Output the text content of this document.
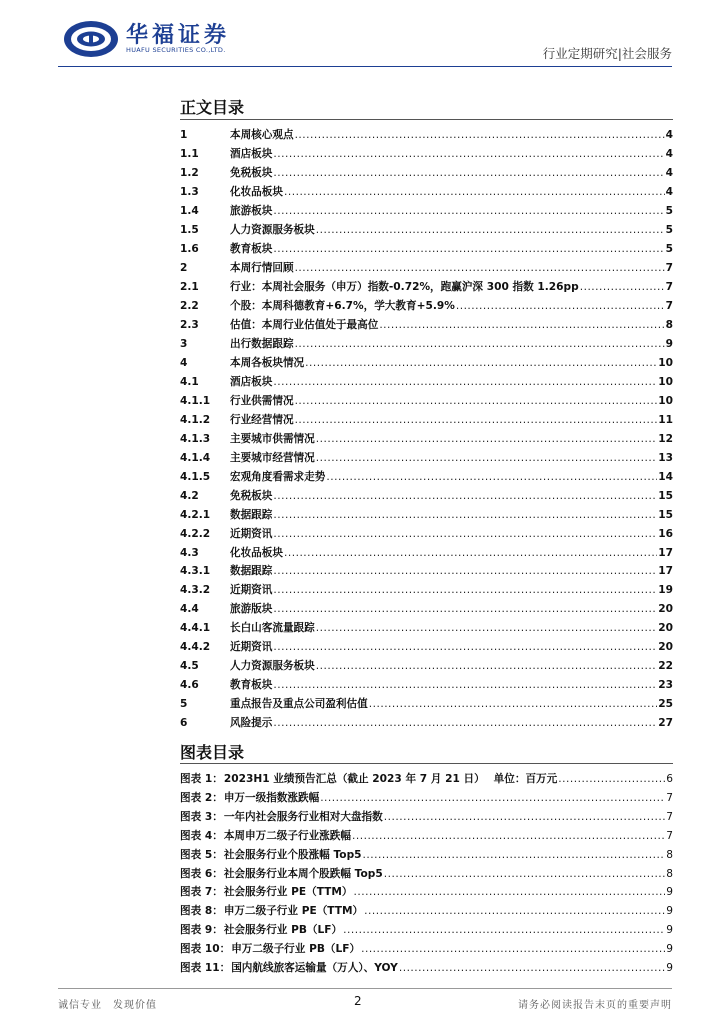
华福证券
HUAFU SECURITIES CO.,LTD.	行业定期研究|社会服务
正文目录
1	本周核心观点 .....	4
1.1	酒店板块 .....	4
1.2	免税板块 .....	4
1.3	化妆品板块 .....	4
1.4	旅游板块 .....	5
1.5	人力资源服务板块 .....	5
1.6	教育板块 .....	5
2	本周行情回顾 .....	7
2.1	行业：本周社会服务（申万）指数-0.72%，跑赢沪深 300 指数 1.26pp .....	7
2.2	个股：本周科德教育+6.7%，学大教育+5.9% .....	7
2.3	估值：本周行业估值处于最高位 .....	8
3	出行数据跟踪 .....	9
4	本周各板块情况 .....	10
4.1	酒店板块 .....	10
4.1.1	行业供需情况 .....	10
4.1.2	行业经营情况 .....	11
4.1.3	主要城市供需情况 .....	12
4.1.4	主要城市经营情况 .....	13
4.1.5	宏观角度看需求走势 .....	14
4.2	免税板块 .....	15
4.2.1	数据跟踪 .....	15
4.2.2	近期资讯 .....	16
4.3	化妆品板块 .....	17
4.3.1	数据跟踪 .....	17
4.3.2	近期资讯 .....	19
4.4	旅游版块 .....	20
4.4.1	长白山客流量跟踪 .....	20
4.4.2	近期资讯 .....	20
4.5	人力资源服务板块 .....	22
4.6	教育板块 .....	23
5	重点报告及重点公司盈利估值 .....	25
6	风险提示 .....	27
图表目录
图表 1： 2023H1 业绩预告汇总（截止 2023 年 7 月 21 日）　 单位：百万元 .....	6
图表 2： 申万一级指数涨跌幅 .....	7
图表 3： 一年内社会服务行业相对大盘指数 .....	7
图表 4： 本周申万二级子行业涨跌幅 .....	7
图表 5： 社会服务行业个股涨幅 Top5 .....	8
图表 6： 社会服务行业本周个股跌幅 Top5 .....	8
图表 7： 社会服务行业 PE（TTM） .....	9
图表 8： 申万二级子行业 PE（TTM） .....	9
图表 9： 社会服务行业 PB（LF） .....	9
图表 10： 申万二级子行业 PB（LF） .....	9
图表 11： 国内航线旅客运输量（万人）、YOY .....	9
诚信专业　发现价值	2	请务必阅读报告末页的重要声明
